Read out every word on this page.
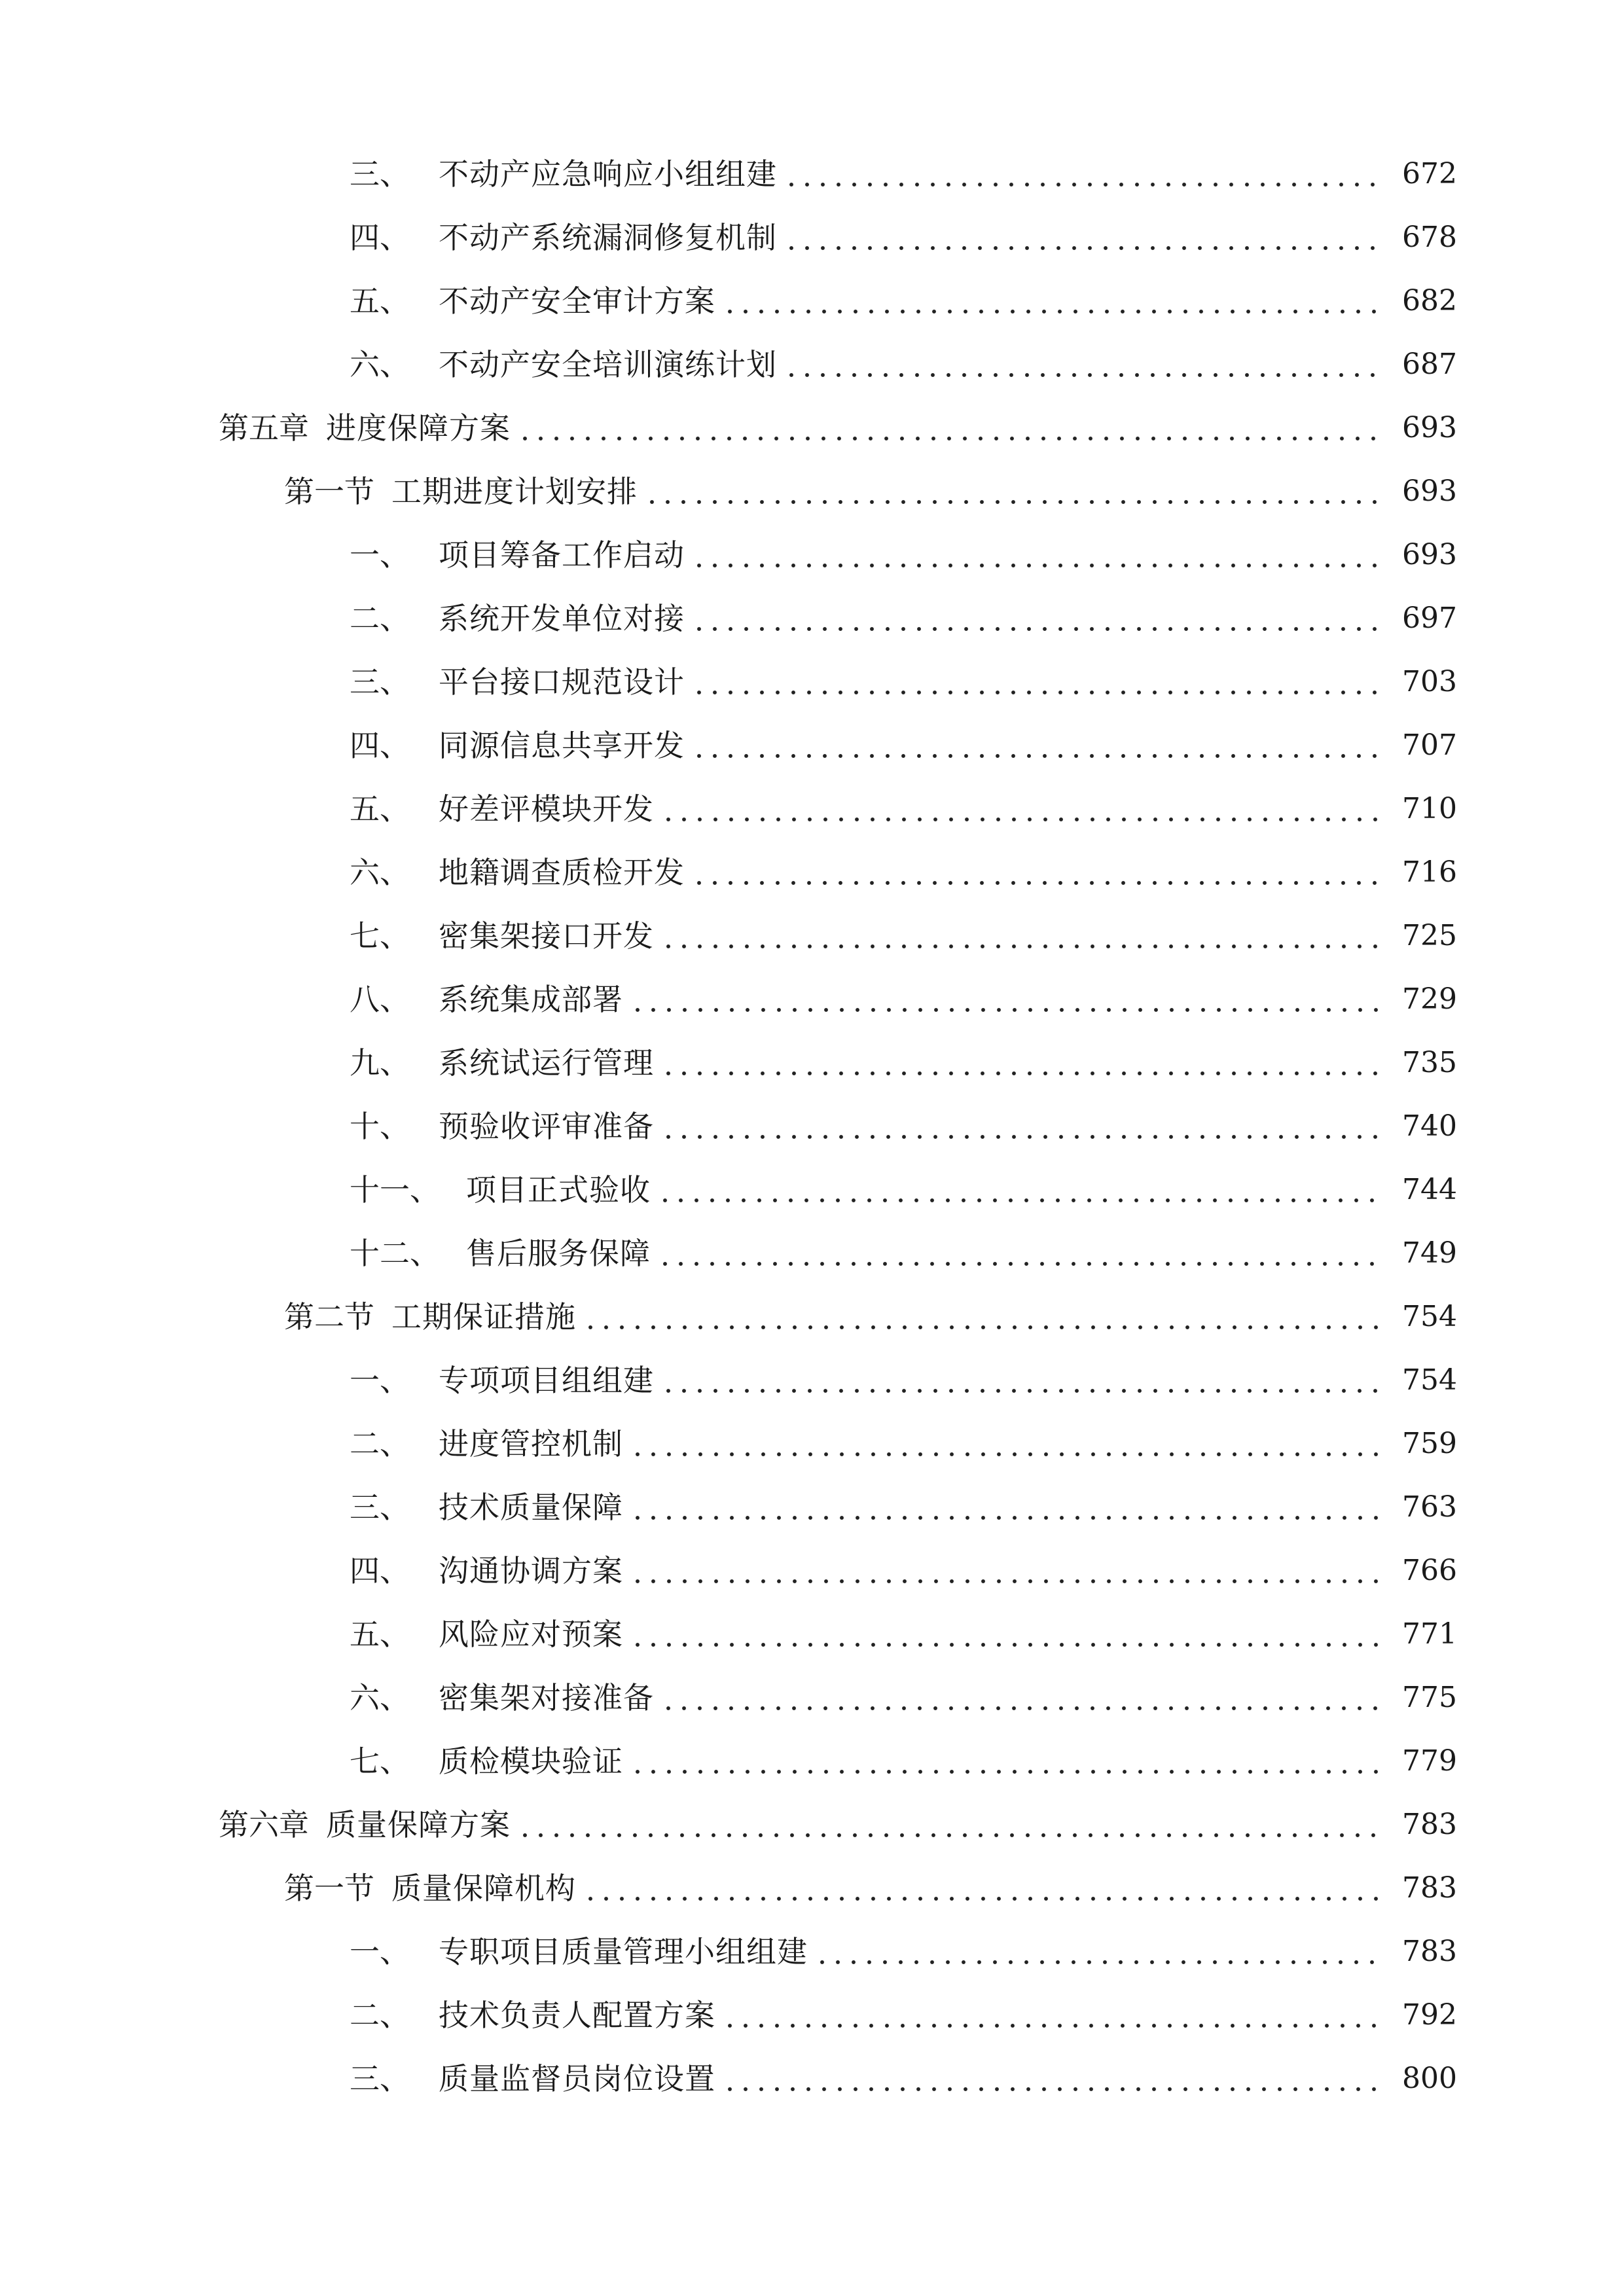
三、 不动产应急响应小组组建	672
四、 不动产系统漏洞修复机制	678
五、 不动产安全审计方案	682
六、 不动产安全培训演练计划	687
第五章 进度保障方案	693
第一节 工期进度计划安排	693
一、 项目筹备工作启动	693
二、 系统开发单位对接	697
三、 平台接口规范设计	703
四、 同源信息共享开发	707
五、 好差评模块开发	710
六、 地籍调查质检开发	716
七、 密集架接口开发	725
八、 系统集成部署	729
九、 系统试运行管理	735
十、 预验收评审准备	740
十一、 项目正式验收	744
十二、 售后服务保障	749
第二节 工期保证措施	754
一、 专项项目组组建	754
二、 进度管控机制	759
三、 技术质量保障	763
四、 沟通协调方案	766
五、 风险应对预案	771
六、 密集架对接准备	775
七、 质检模块验证	779
第六章 质量保障方案	783
第一节 质量保障机构	783
一、 专职项目质量管理小组组建	783
二、 技术负责人配置方案	792
三、 质量监督员岗位设置	800
